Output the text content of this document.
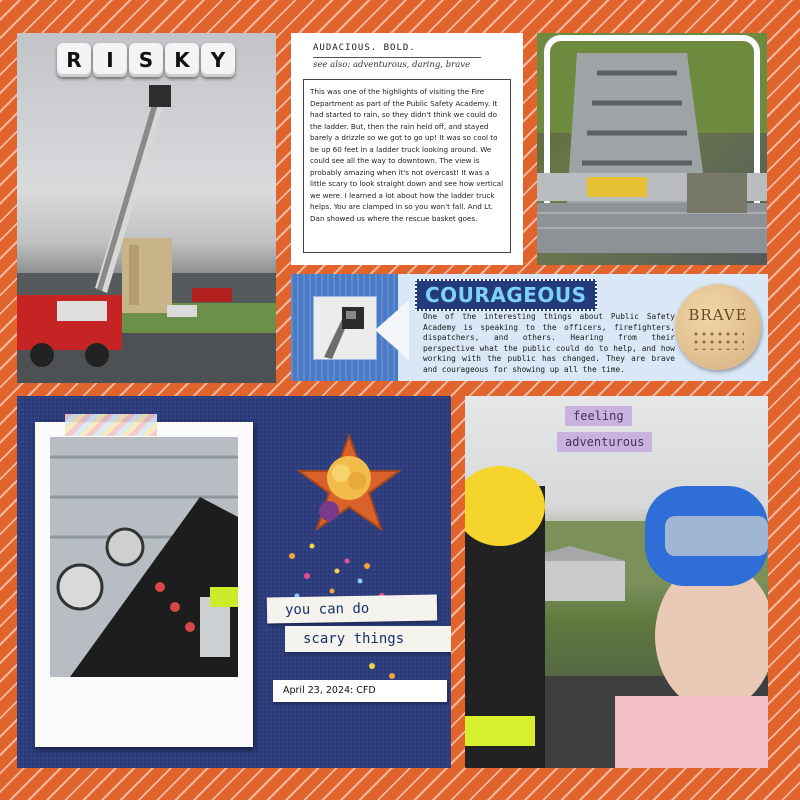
R I S K Y	AUDACIOUS. BOLD.
see also: adventurous, daring, brave
This was one of the highlights of visiting the Fire Department as part of the Public Safety Academy. It had started to rain, so they didn't think we could do the ladder. But, then the rain held off, and stayed barely a drizzle so we got to go up! It was so cool to be up 60 feet in a ladder truck looking around. We could see all the way to downtown. The view is probably amazing when it's not overcast! It was a little scary to look straight down and see how vertical we were. I learned a lot about how the ladder truck helps. You are clamped in so you won't fall. And Lt. Dan showed us where the rescue basket goes.
COURAGEOUS
One of the interesting things about Public Safety Academy is speaking to the officers, firefighters, dispatchers, and others. Hearing from their perspective what the public could do to help, and how working with the public has changed. They are brave and courageous for showing up all the time.
BRAVE
you can do
scary things
April 23, 2024: CFD
feeling
adventurous
